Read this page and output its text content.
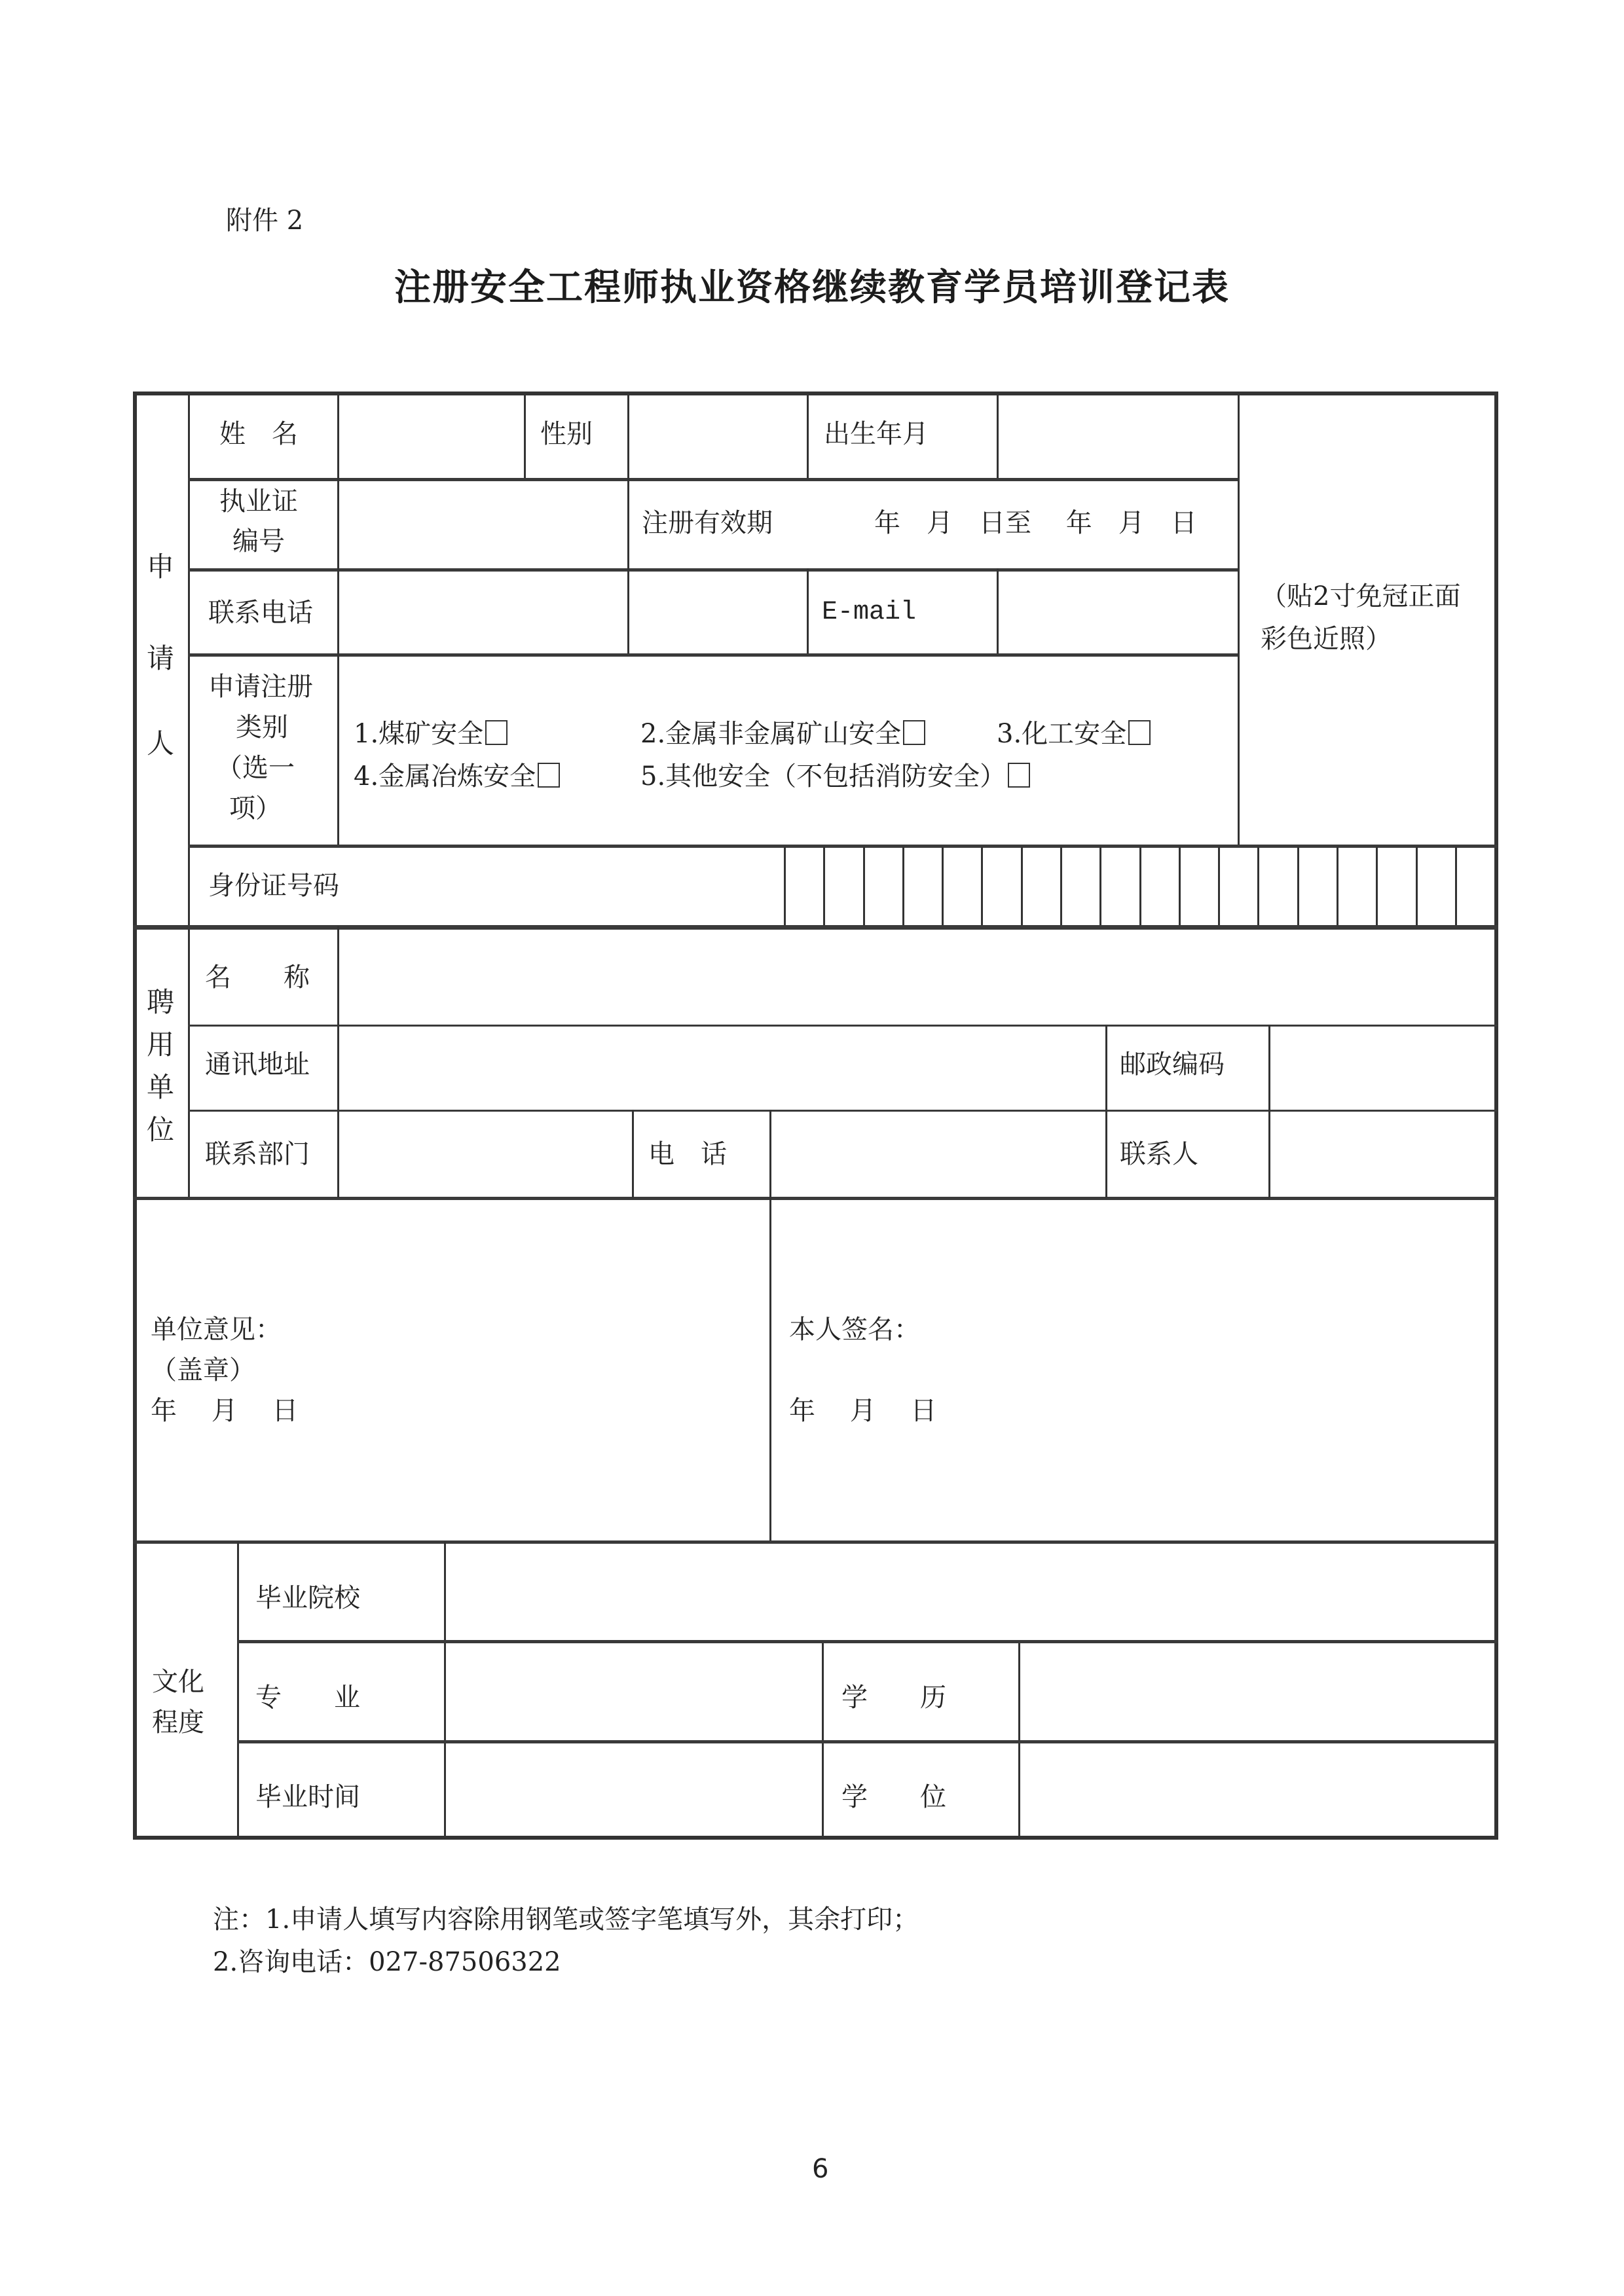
附件 2
注册安全工程师执业资格继续教育学员培训登记表
申
请
人
姓　名	性别	出生年月
执业证
编号
注册有效期	年　月　日至　 年　月　日
联系电话	E-mail
（贴2寸免冠正面
彩色近照）
申请注册
类别
（选一
项）
1.煤矿安全	2.金属非金属矿山安全	3.化工安全
4.金属冶炼安全	5.其他安全（不包括消防安全）
身份证号码
聘
用
单
位
名　　称
通讯地址	邮政编码
联系部门	电　话	联系人
单位意见：
（盖章）
年　 月　 日
本人签名：
年　 月　 日
文化
程度
毕业院校
专　　业	学　　历
毕业时间	学　　位
注：1.申请人填写内容除用钢笔或签字笔填写外，其余打印；
2.咨询电话：027-87506322
6
